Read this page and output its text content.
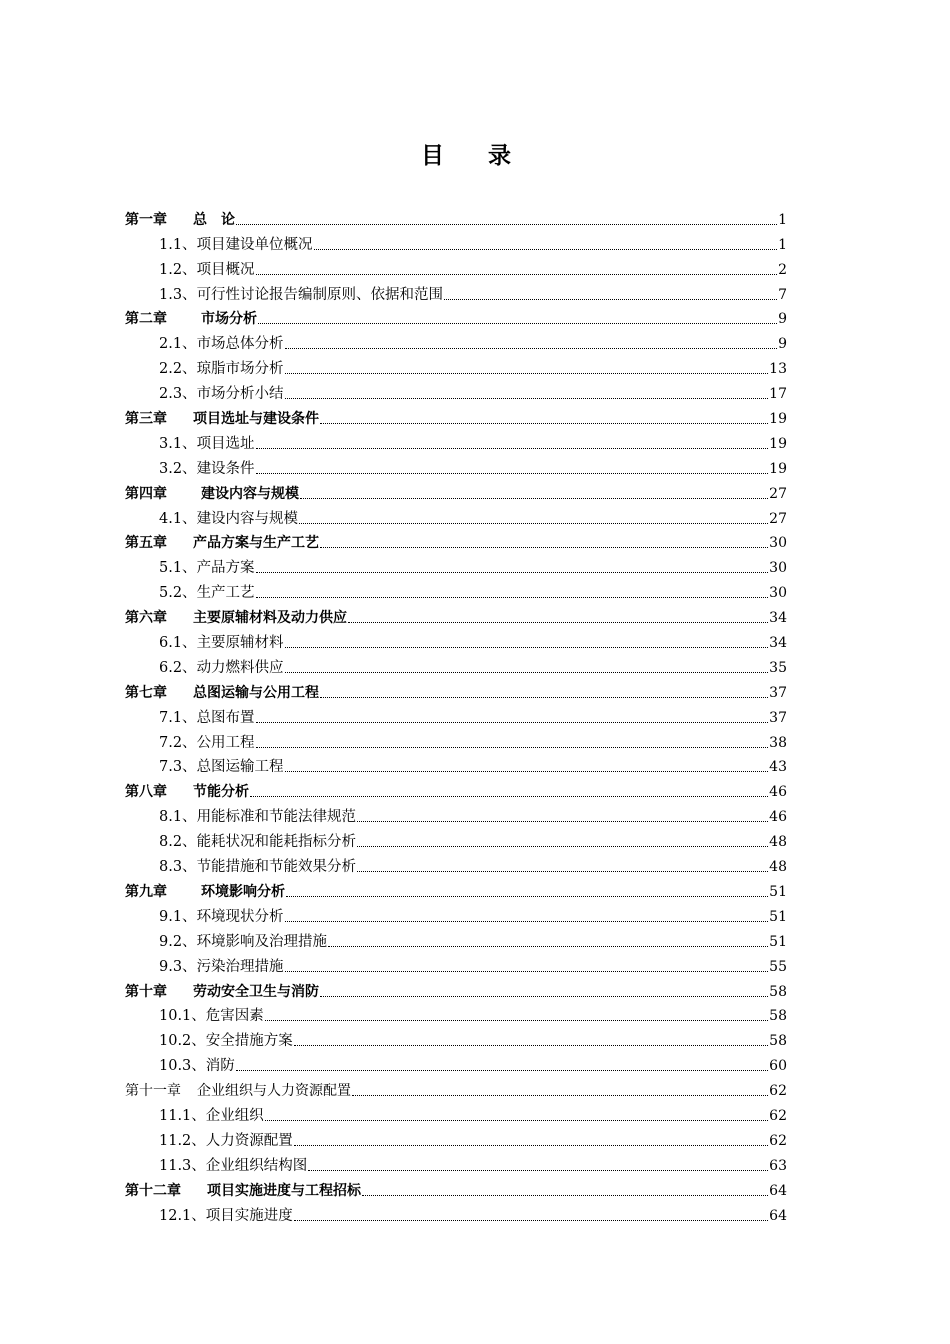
目 录
第一章 总　论	1
1.1、 项目建设单位概况	1
1.2、 项目概况	2
1.3、 可行性讨论报告编制原则、依据和范围	7
第二章 市场分析	9
2.1、 市场总体分析	9
2.2、 琼脂市场分析	13
2.3、 市场分析小结	17
第三章 项目选址与建设条件	19
3.1、 项目选址	19
3.2、 建设条件	19
第四章 建设内容与规模	27
4.1、 建设内容与规模	27
第五章 产品方案与生产工艺	30
5.1、 产品方案	30
5.2、 生产工艺	30
第六章 主要原辅材料及动力供应	34
6.1、 主要原辅材料	34
6.2、 动力燃料供应	35
第七章 总图运输与公用工程	37
7.1、 总图布置	37
7.2、 公用工程	38
7.3、 总图运输工程	43
第八章 节能分析	46
8.1、 用能标准和节能法律规范	46
8.2、 能耗状况和能耗指标分析	48
8.3、 节能措施和节能效果分析	48
第九章 环境影响分析	51
9.1、 环境现状分析	51
9.2、 环境影响及治理措施	51
9.3、 污染治理措施	55
第十章 劳动安全卫生与消防	58
10.1、 危害因素	58
10.2、 安全措施方案	58
10.3、 消防	60
第十一章 企业组织与人力资源配置	62
11.1、 企业组织	62
11.2、 人力资源配置	62
11.3、 企业组织结构图	63
第十二章 项目实施进度与工程招标	64
12.1、 项目实施进度	64
